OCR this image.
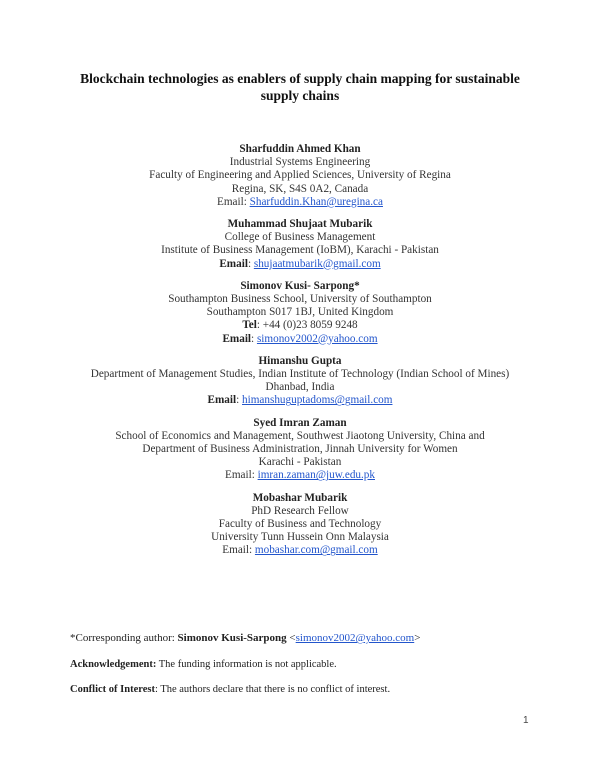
Blockchain technologies as enablers of supply chain mapping for sustainable supply chains
Sharfuddin Ahmed Khan
Industrial Systems Engineering
Faculty of Engineering and Applied Sciences, University of Regina
Regina, SK, S4S 0A2, Canada
Email: Sharfuddin.Khan@uregina.ca
Muhammad Shujaat Mubarik
College of Business Management
Institute of Business Management (IoBM), Karachi - Pakistan
Email: shujaatmubarik@gmail.com
Simonov Kusi- Sarpong*
Southampton Business School, University of Southampton
Southampton S017 1BJ, United Kingdom
Tel: +44 (0)23 8059 9248
Email: simonov2002@yahoo.com
Himanshu Gupta
Department of Management Studies, Indian Institute of Technology (Indian School of Mines)
Dhanbad, India
Email: himanshuguptadoms@gmail.com
Syed Imran Zaman
School of Economics and Management, Southwest Jiaotong University, China and
Department of Business Administration, Jinnah University for Women
Karachi - Pakistan
Email: imran.zaman@juw.edu.pk
Mobashar Mubarik
PhD Research Fellow
Faculty of Business and Technology
University Tunn Hussein Onn Malaysia
Email: mobashar.com@gmail.com
*Corresponding author: Simonov Kusi-Sarpong <simonov2002@yahoo.com>
Acknowledgement: The funding information is not applicable.
Conflict of Interest: The authors declare that there is no conflict of interest.
1
